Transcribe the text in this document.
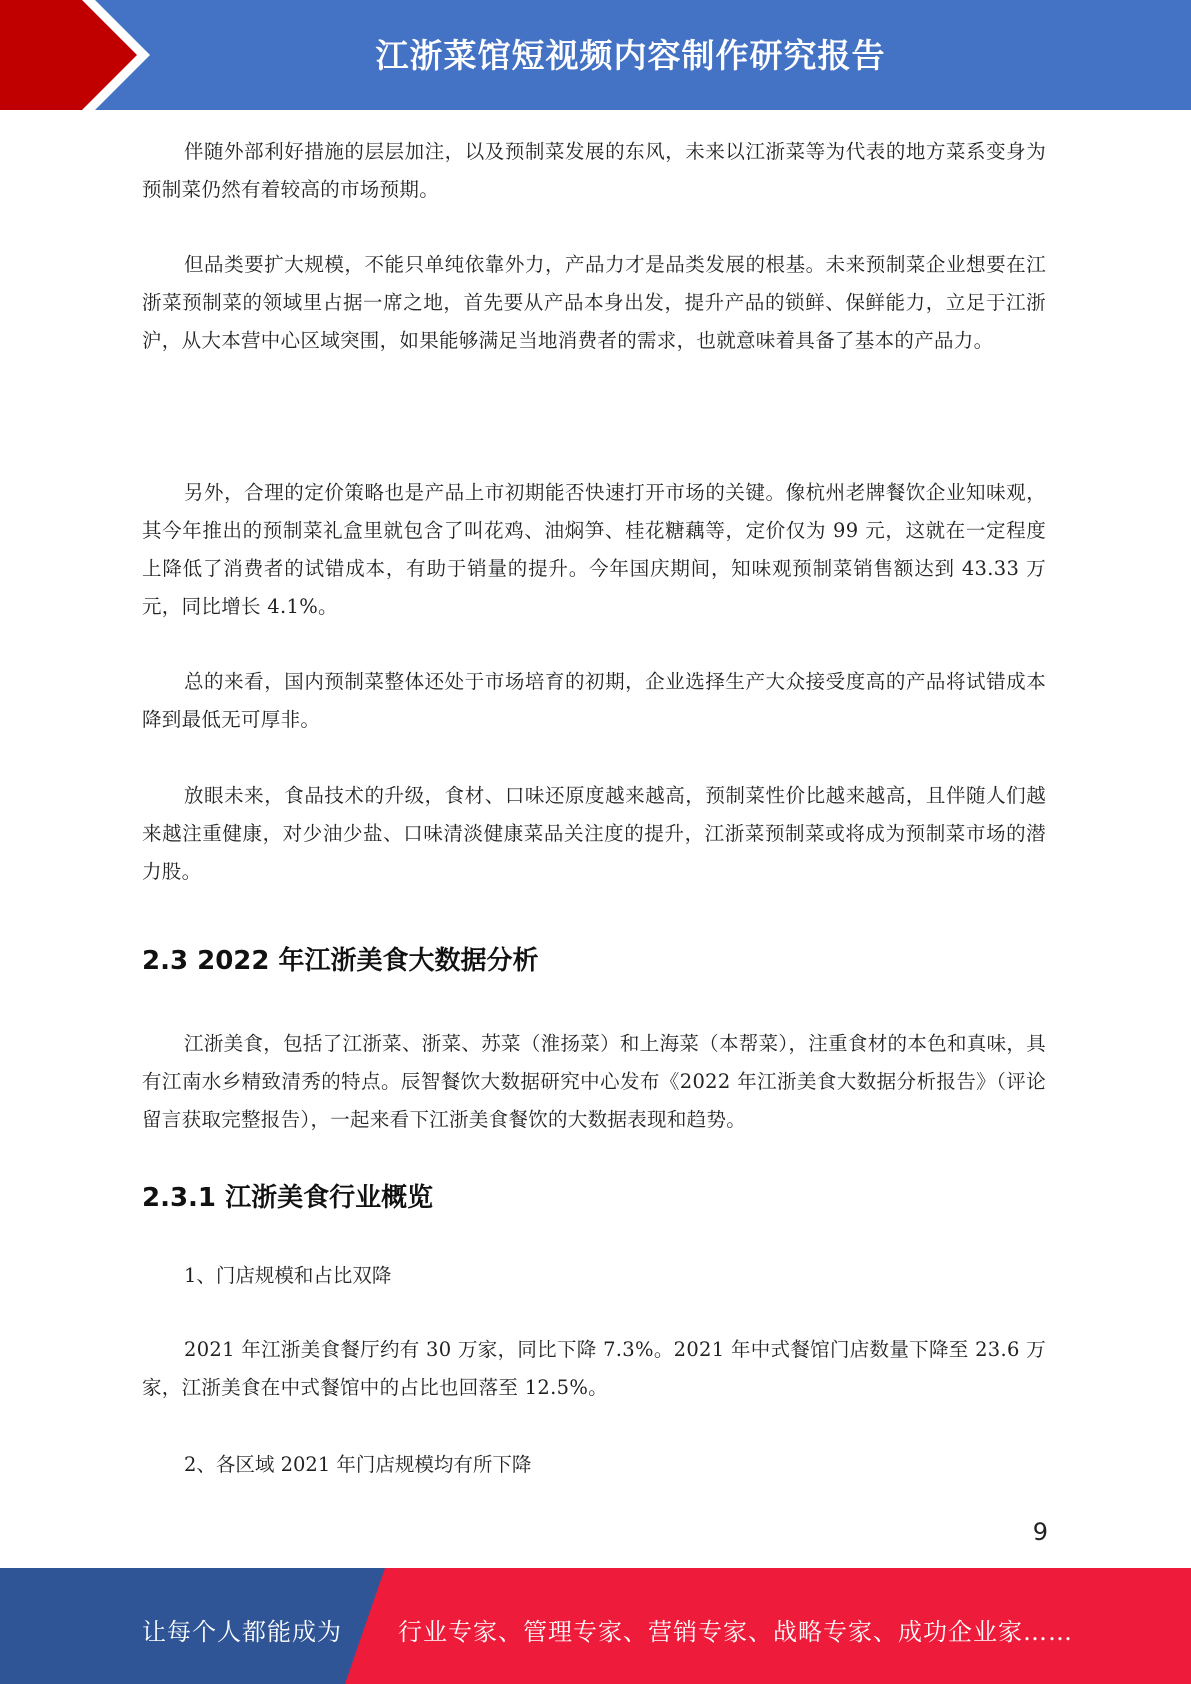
江浙菜馆短视频内容制作研究报告

伴随外部利好措施的层层加注，以及预制菜发展的东风，未来以江浙菜等为代表的地方菜系变身为预制菜仍然有着较高的市场预期。

但品类要扩大规模，不能只单纯依靠外力，产品力才是品类发展的根基。未来预制菜企业想要在江浙菜预制菜的领域里占据一席之地，首先要从产品本身出发，提升产品的锁鲜、保鲜能力，立足于江浙沪，从大本营中心区域突围，如果能够满足当地消费者的需求，也就意味着具备了基本的产品力。

另外，合理的定价策略也是产品上市初期能否快速打开市场的关键。像杭州老牌餐饮企业知味观，其今年推出的预制菜礼盒里就包含了叫花鸡、油焖笋、桂花糖藕等，定价仅为 99 元，这就在一定程度上降低了消费者的试错成本，有助于销量的提升。今年国庆期间，知味观预制菜销售额达到 43.33 万元，同比增长 4.1%。

总的来看，国内预制菜整体还处于市场培育的初期，企业选择生产大众接受度高的产品将试错成本降到最低无可厚非。

放眼未来，食品技术的升级，食材、口味还原度越来越高，预制菜性价比越来越高，且伴随人们越来越注重健康，对少油少盐、口味清淡健康菜品关注度的提升，江浙菜预制菜或将成为预制菜市场的潜力股。

2.3 2022 年江浙美食大数据分析

江浙美食，包括了江浙菜、浙菜、苏菜（淮扬菜）和上海菜（本帮菜），注重食材的本色和真味，具有江南水乡精致清秀的特点。辰智餐饮大数据研究中心发布《2022 年江浙美食大数据分析报告》（评论留言获取完整报告），一起来看下江浙美食餐饮的大数据表现和趋势。

2.3.1 江浙美食行业概览

1、门店规模和占比双降

2021 年江浙美食餐厅约有 30 万家，同比下降 7.3%。2021 年中式餐馆门店数量下降至 23.6 万家，江浙美食在中式餐馆中的占比也回落至 12.5%。

2、各区域 2021 年门店规模均有所下降

9
让每个人都能成为 行业专家、管理专家、营销专家、战略专家、成功企业家……
